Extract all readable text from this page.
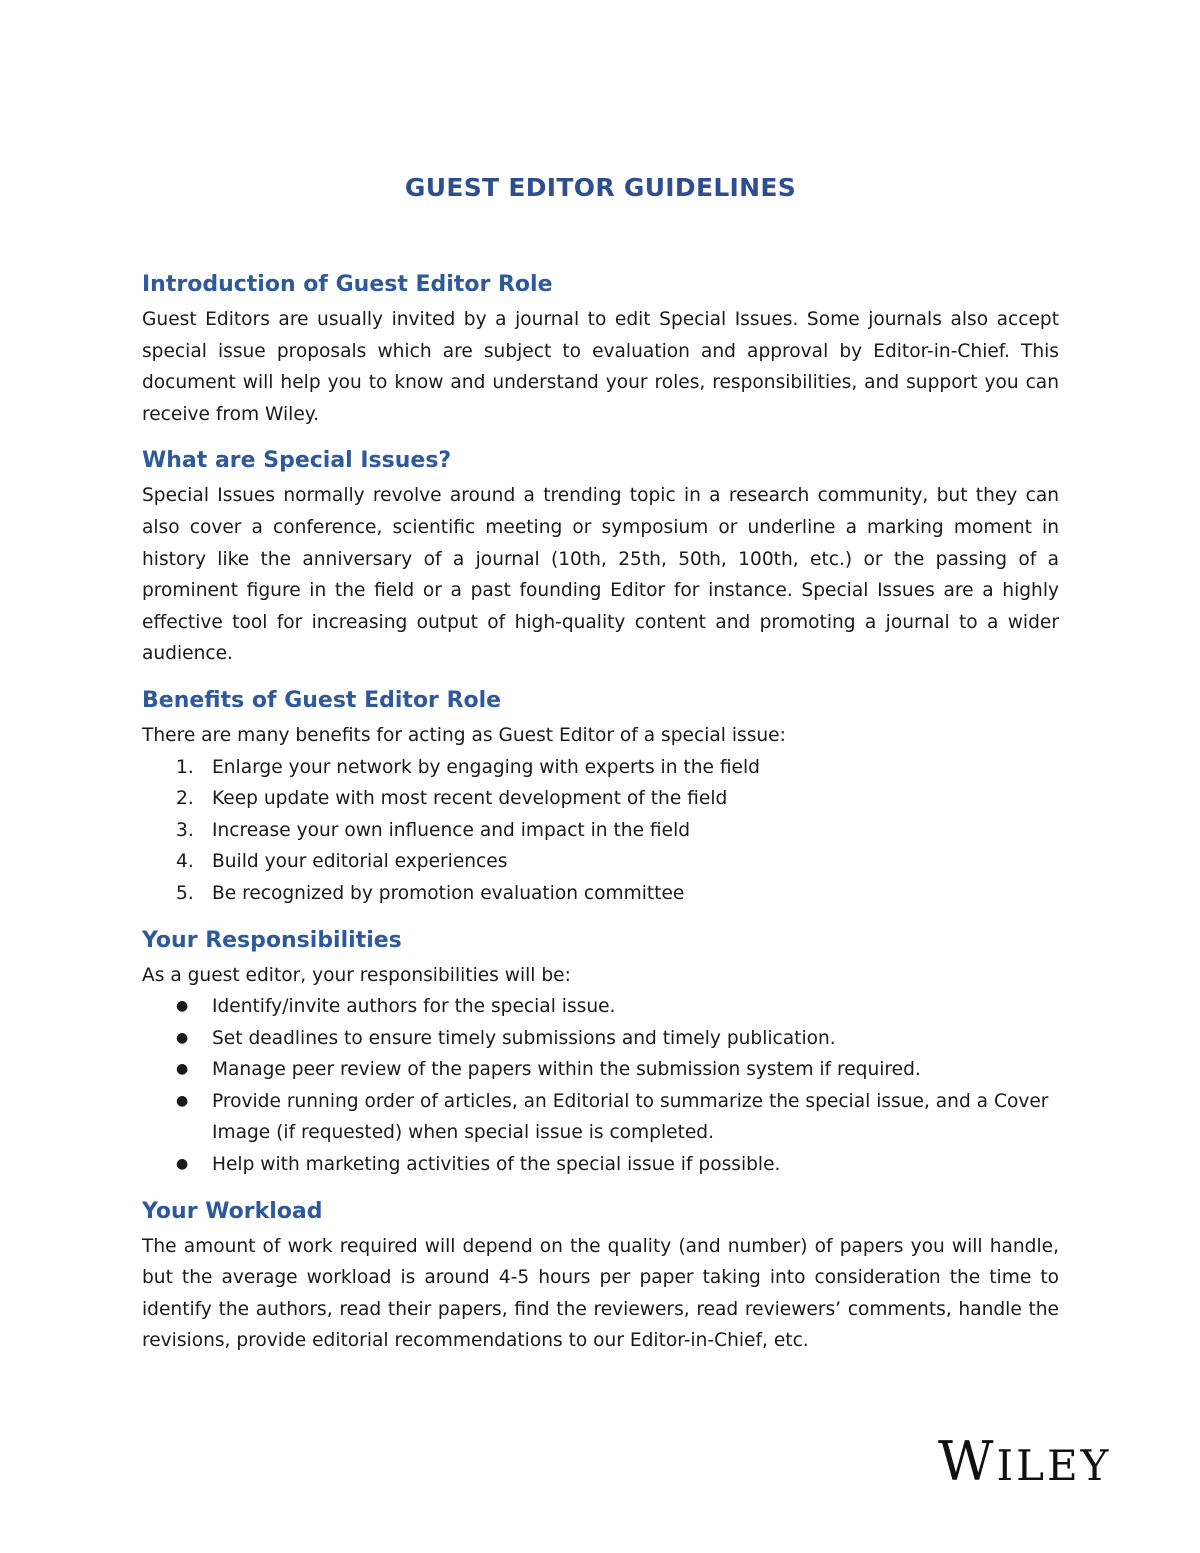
GUEST EDITOR GUIDELINES
Introduction of Guest Editor Role

Guest Editors are usually invited by a journal to edit Special Issues. Some journals also accept special issue proposals which are subject to evaluation and approval by Editor-in-Chief. This document will help you to know and understand your roles, responsibilities, and support you can receive from Wiley.

What are Special Issues?

Special Issues normally revolve around a trending topic in a research community, but they can also cover a conference, scientific meeting or symposium or underline a marking moment in history like the anniversary of a journal (10th, 25th, 50th, 100th, etc.) or the passing of a prominent figure in the field or a past founding Editor for instance. Special Issues are a highly effective tool for increasing output of high-quality content and promoting a journal to a wider audience.

Benefits of Guest Editor Role

There are many benefits for acting as Guest Editor of a special issue:

1. Enlarge your network by engaging with experts in the field
2. Keep update with most recent development of the field
3. Increase your own influence and impact in the field
4. Build your editorial experiences
5. Be recognized by promotion evaluation committee
Your Responsibilities

As a guest editor, your responsibilities will be:

●	Identify/invite authors for the special issue.
●	Set deadlines to ensure timely submissions and timely publication.
●	Manage peer review of the papers within the submission system if required.
●	Provide running order of articles, an Editorial to summarize the special issue, and a Cover Image (if requested) when special issue is completed.
●	Help with marketing activities of the special issue if possible.
Your Workload

The amount of work required will depend on the quality (and number) of papers you will handle, but the average workload is around 4-5 hours per paper taking into consideration the time to identify the authors, read their papers, find the reviewers, read reviewers’ comments, handle the revisions, provide editorial recommendations to our Editor-in-Chief, etc.

WILEY
